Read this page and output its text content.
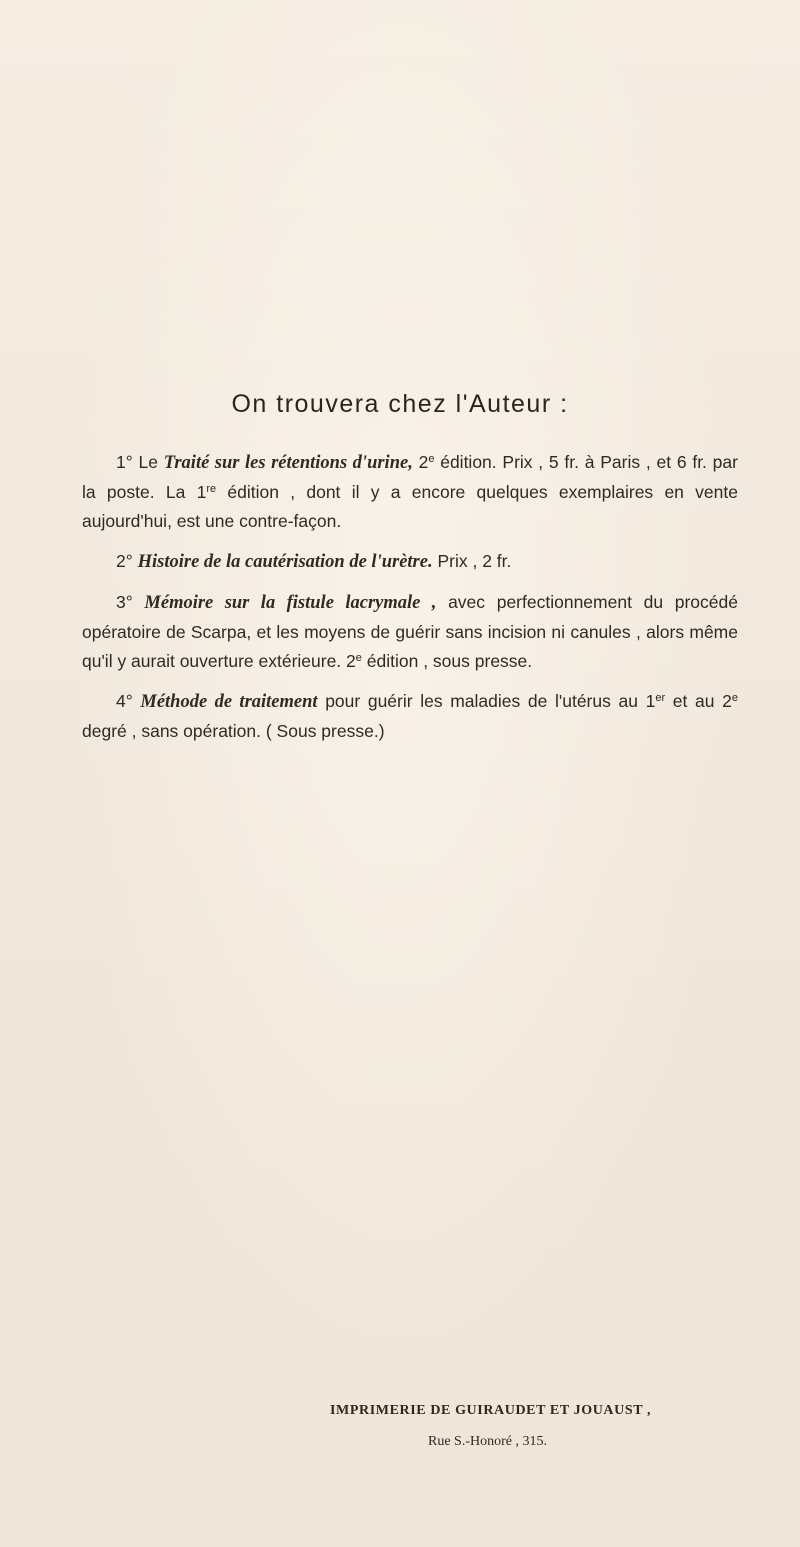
On trouvera chez l'Auteur :

1° Le Traité sur les rétentions d'urine, 2e édition. Prix , 5 fr. à Paris , et 6 fr. par la poste. La 1re édition , dont il y a encore quelques exemplaires en vente aujourd'hui, est une contre-façon.

2° Histoire de la cautérisation de l'urètre. Prix , 2 fr.

3° Mémoire sur la fistule lacrymale , avec perfectionnement du procédé opératoire de Scarpa, et les moyens de guérir sans incision ni canules , alors même qu'il y aurait ouverture extérieure. 2e édition , sous presse.

4° Méthode de traitement pour guérir les maladies de l'utérus au 1er et au 2e degré , sans opération. ( Sous presse.)

IMPRIMERIE DE GUIRAUDET ET JOUAUST ,
Rue S.-Honoré , 315.
